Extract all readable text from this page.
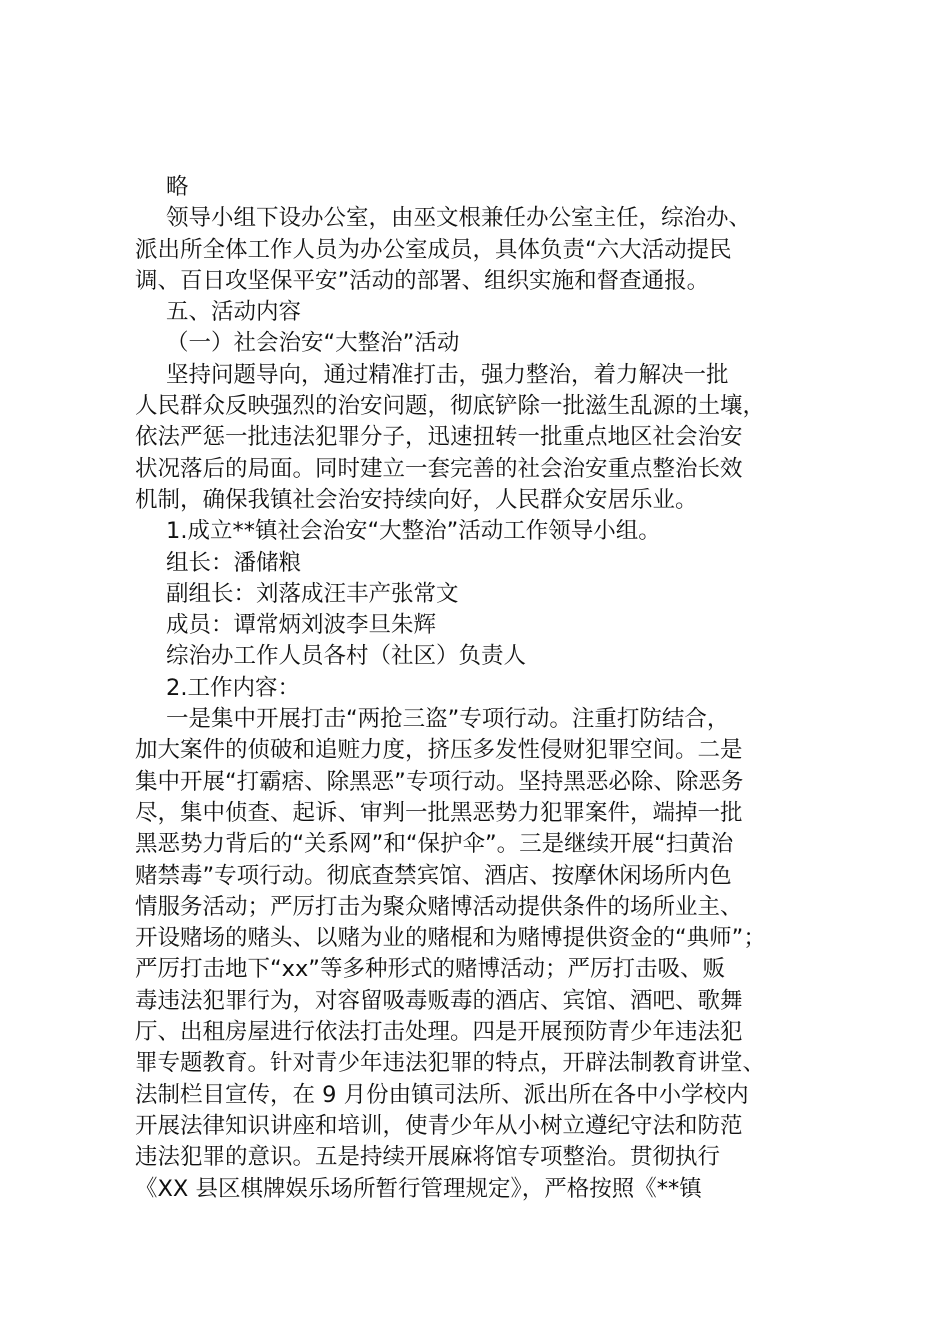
略
领导小组下设办公室，由巫文根兼任办公室主任，综治办、
派出所全体工作人员为办公室成员，具体负责“六大活动提民
调、百日攻坚保平安”活动的部署、组织实施和督查通报。
五、活动内容
（一）社会治安“大整治”活动
坚持问题导向，通过精准打击，强力整治，着力解决一批
人民群众反映强烈的治安问题，彻底铲除一批滋生乱源的土壤，
依法严惩一批违法犯罪分子，迅速扭转一批重点地区社会治安
状况落后的局面。同时建立一套完善的社会治安重点整治长效
机制，确保我镇社会治安持续向好，人民群众安居乐业。
1.成立**镇社会治安“大整治”活动工作领导小组。
组长：潘储粮
副组长：刘落成汪丰产张常文
成员：谭常炳刘波李旦朱辉
综治办工作人员各村（社区）负责人
2.工作内容：
一是集中开展打击“两抢三盗”专项行动。注重打防结合，
加大案件的侦破和追赃力度，挤压多发性侵财犯罪空间。二是
集中开展“打霸痞、除黑恶”专项行动。坚持黑恶必除、除恶务
尽，集中侦查、起诉、审判一批黑恶势力犯罪案件，端掉一批
黑恶势力背后的“关系网”和“保护伞”。三是继续开展“扫黄治
赌禁毒”专项行动。彻底查禁宾馆、酒店、按摩休闲场所内色
情服务活动；严厉打击为聚众赌博活动提供条件的场所业主、
开设赌场的赌头、以赌为业的赌棍和为赌博提供资金的“典师”；
严厉打击地下“xx”等多种形式的赌博活动；严厉打击吸、贩
毒违法犯罪行为，对容留吸毒贩毒的酒店、宾馆、酒吧、歌舞
厅、出租房屋进行依法打击处理。四是开展预防青少年违法犯
罪专题教育。针对青少年违法犯罪的特点，开辟法制教育讲堂、
法制栏目宣传，在 9 月份由镇司法所、派出所在各中小学校内
开展法律知识讲座和培训，使青少年从小树立遵纪守法和防范
违法犯罪的意识。五是持续开展麻将馆专项整治。贯彻执行
《XX 县区棋牌娱乐场所暂行管理规定》，严格按照《**镇
